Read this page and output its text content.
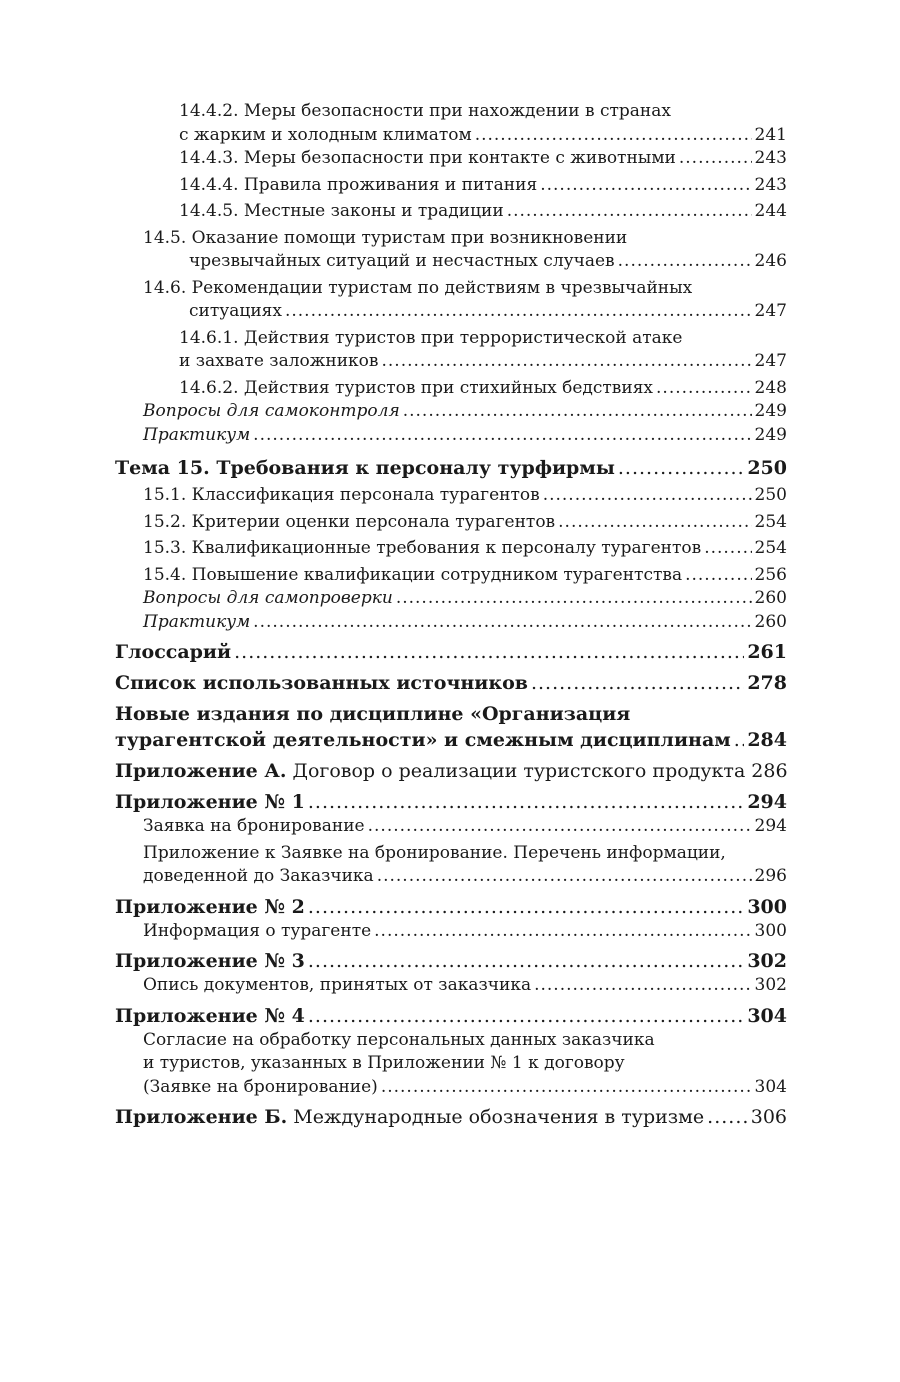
14.4.2. Меры безопасности при нахождении в странах
с жарким и холодным климатом .....	241
14.4.3. Меры безопасности при контакте с животными .....	243
14.4.4. Правила проживания и питания .....	243
14.4.5. Местные законы и традиции .....	244
14.5. Оказание помощи туристам при возникновении
чрезвычайных ситуаций и несчастных случаев .....	246
14.6. Рекомендации туристам по действиям в чрезвычайных
ситуациях .....	247
14.6.1. Действия туристов при террористической атаке
и захвате заложников .....	247
14.6.2. Действия туристов при стихийных бедствиях .....	248
Вопросы для самоконтроля .....	249
Практикум .....	249
Тема 15. Требования к персоналу турфирмы .....	250
15.1. Классификация персонала турагентов .....	250
15.2. Критерии оценки персонала турагентов .....	254
15.3. Квалификационные требования к персоналу турагентов .....	254
15.4. Повышение квалификации сотрудником турагентства .....	256
Вопросы для самопроверки .....	260
Практикум .....	260
Глоссарий .....	261
Список использованных источников .....	278
Новые издания по дисциплине «Организация
турагентской деятельности» и смежным дисциплинам ..... 284
Приложение А. Договор о реализации туристского продукта 286
Приложение № 1 .....	294
Заявка на бронирование .....	294
Приложение к Заявке на бронирование. Перечень информации,
доведенной до Заказчика .....	296
Приложение № 2 .....	300
Информация о турагенте .....	300
Приложение № 3 .....	302
Опись документов, принятых от заказчика .....	302
Приложение № 4 .....	304
Согласие на обработку персональных данных заказчика
и туристов, указанных в Приложении № 1 к договору
(Заявке на бронирование) .....	304
Приложение Б. Международные обозначения в туризме ..... 306
